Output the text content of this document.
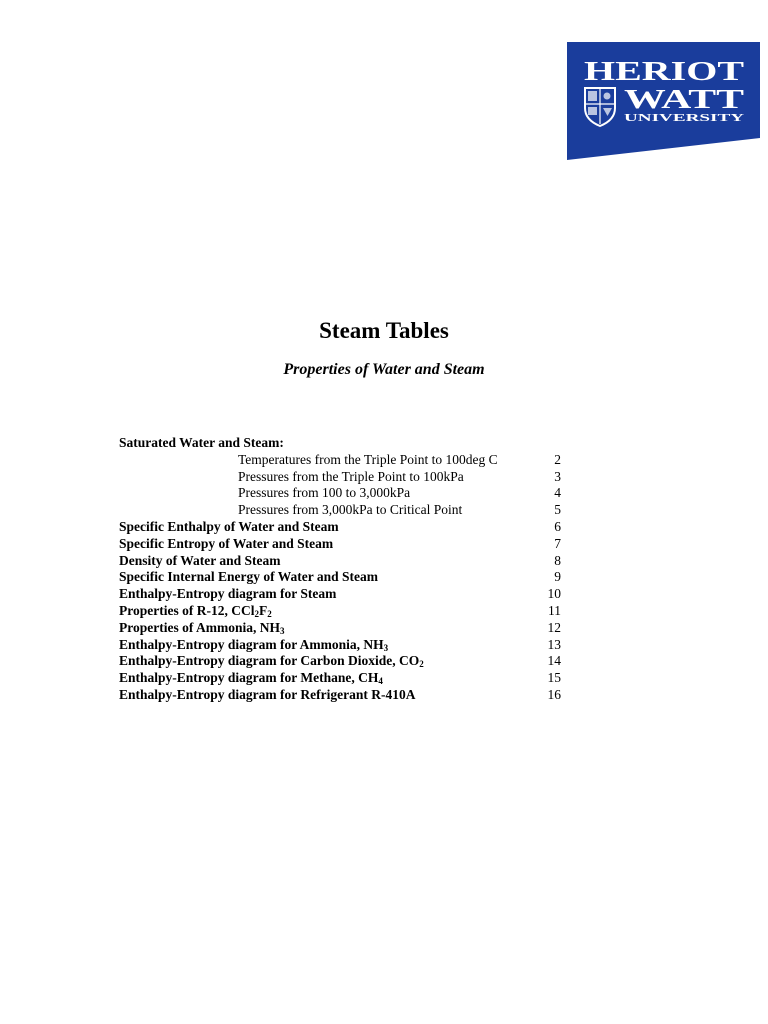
HERIOT
WATT
UNIVERSITY
Steam Tables
Properties of Water and Steam
Saturated Water and Steam:
Temperatures from the Triple Point to 100deg C	2
Pressures from the Triple Point to 100kPa	3
Pressures from 100 to 3,000kPa	4
Pressures from 3,000kPa to Critical Point	5
Specific Enthalpy of Water and Steam	6
Specific Entropy of Water and Steam	7
Density of Water and Steam	8
Specific Internal Energy of Water and Steam	9
Enthalpy-Entropy diagram for Steam	10
Properties of R-12, $CCl_2F_2$	11
Properties of Ammonia, $NH_3$	12
Enthalpy-Entropy diagram for Ammonia, $NH_3$	13
Enthalpy-Entropy diagram for Carbon Dioxide, $CO_2$	14
Enthalpy-Entropy diagram for Methane, $CH_4$	15
Enthalpy-Entropy diagram for Refrigerant R-410A	16
